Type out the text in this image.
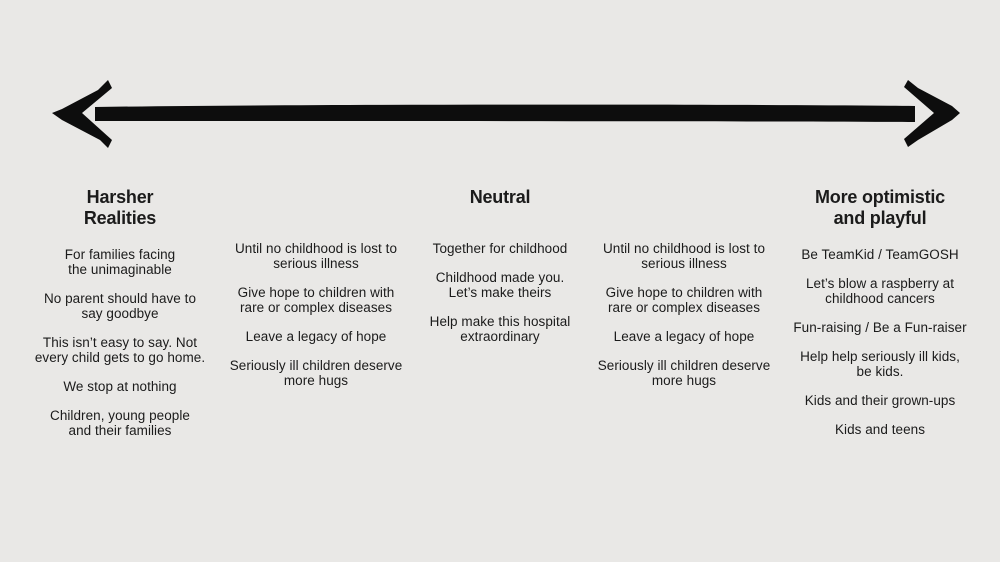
Harsher
Realities
For families facing
the unimaginable
No parent should have to
say goodbye
This isn’t easy to say. Not
every child gets to go home.
We stop at nothing
Children, young people
and their families
Until no childhood is lost to
serious illness
Give hope to children with
rare or complex diseases
Leave a legacy of hope
Seriously ill children deserve
more hugs
Neutral
Together for childhood
Childhood made you.
Let’s make theirs
Help make this hospital
extraordinary
Until no childhood is lost to
serious illness
Give hope to children with
rare or complex diseases
Leave a legacy of hope
Seriously ill children deserve
more hugs
More optimistic
and playful
Be TeamKid / TeamGOSH
Let’s blow a raspberry at
childhood cancers
Fun-raising / Be a Fun-raiser
Help help seriously ill kids,
be kids.
Kids and their grown-ups
Kids and teens
